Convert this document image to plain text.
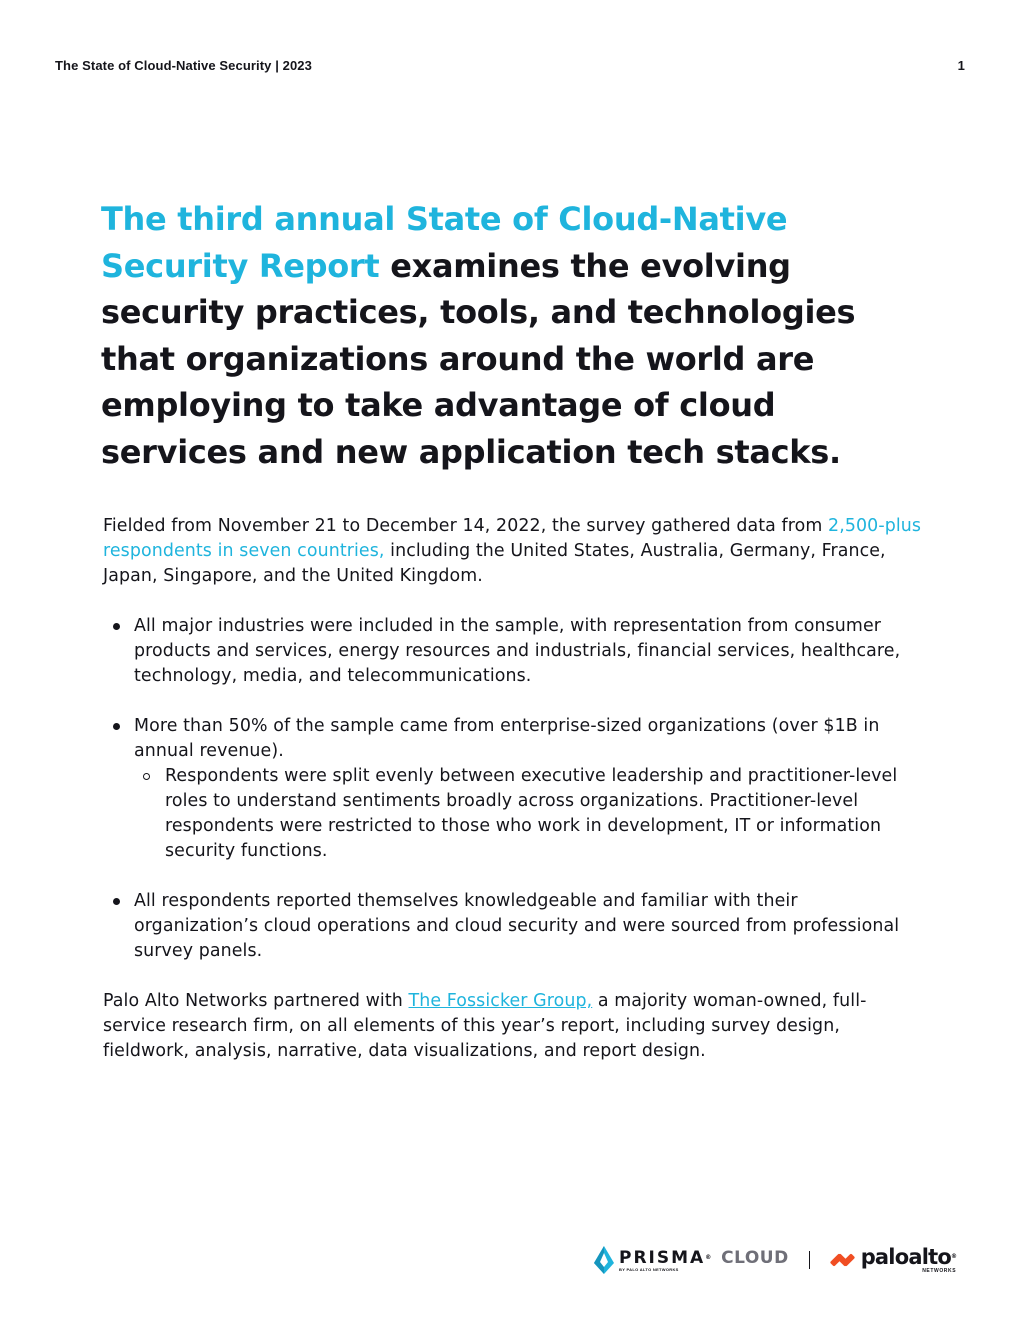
The State of Cloud-Native Security | 2023	1
The third annual State of Cloud-Native Security Report examines the evolving security practices, tools, and technologies that organizations around the world are employing to take advantage of cloud services and new application tech stacks.

Fielded from November 21 to December 14, 2022, the survey gathered data from 2,500-plus respondents in seven countries, including the United States, Australia, Germany, France, Japan, Singapore, and the United Kingdom.

All major industries were included in the sample, with representation from consumer products and services, energy resources and industrials, financial services, healthcare, technology, media, and telecommunications.
More than 50% of the sample came from enterprise-sized organizations (over $1B in annual revenue).
Respondents were split evenly between executive leadership and practitioner-level roles to understand sentiments broadly across organizations. Practitioner-level respondents were restricted to those who work in development, IT or information security functions.
All respondents reported themselves knowledgeable and familiar with their organization’s cloud operations and cloud security and were sourced from professional survey panels.

Palo Alto Networks partnered with The Fossicker Group, a majority woman-owned, full-service research firm, on all elements of this year’s report, including survey design, fieldwork, analysis, narrative, data visualizations, and report design.

PRISMA® CLOUD
BY PALO ALTO NETWORKS	paloalto®
NETWORKS
